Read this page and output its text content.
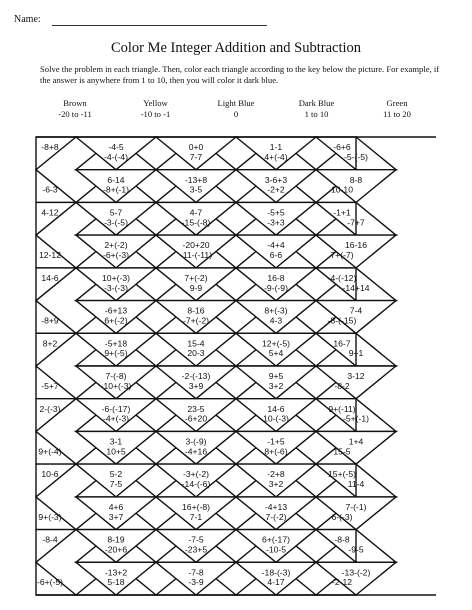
Name:
Color Me Integer Addition and Subtraction
Solve the problem in each triangle. Then, color each triangle according to the key below the picture. For example, if the answer is anywhere from 1 to 10, then you will color it dark blue.
Brown
-20 to -11
Yellow
-10 to -1
Light Blue
0
Dark Blue
1 to 10
Green
11 to 20
-4-(-4)	7-7	4+(-4)	-5-(-5)
-8+8	-4-5	0+0	1-1	-6+6
-6-3	-8+(-1)	3-5	-2+2	10-10
6-14	-13+8	3-6+3	8-8
-3-(-5)	-15-(-8)	-3+3	-7+7
4-12	5-7	4-7	-5+5	-1+1
12-12	-6+(-3)	-11-(-11)	6-6	7+(-7)
2+(-2)	-20+20	-4+4	16-16
-3-(-3)	9-9	-9-(-9)	-14+14
14-6	10+(-3)	7+(-2)	16-8	-4-(-12)
-8+9	6+(-2)	-7+(-2)	4-3	-8-(-15)
-6+13	8-16	8+(-3)	7-4
9+(-5)	20-3	5+4	9+1
8+2	-5+18	15-4	12+(-5)	16-7
-5+7	-10+(-3)	3+9	3+2	-8-2
7-(-8)	-2-(-13)	9+5	3-12
-4+(-3)	-6+20	10-(-3)	-5+(-1)
2-(-3)	-6-(-17)	23-5	14-6	9+(-11)
9+(-4)	10+5	-4+16	8+(-6)	15-5
3-1	3-(-9)	-1+5	1+4
7-5	-14-(-6)	3+2	11-4
10-6	5-2	-3+(-2)	-2+8	15+(-5)
9+(-3)	3+7	7-1	7-(-2)	6-(-3)
4+6	16+(-8)	-4+13	7-(-1)
-20+6	-23+5	-10-5	-9-5
-8-4	8-19	-7-5	6+(-17)	-8-8
-6+(-5)	5-18	-3-9	4-17	-2-12
-13+2	-7-8	-18-(-3)	-13-(-2)
